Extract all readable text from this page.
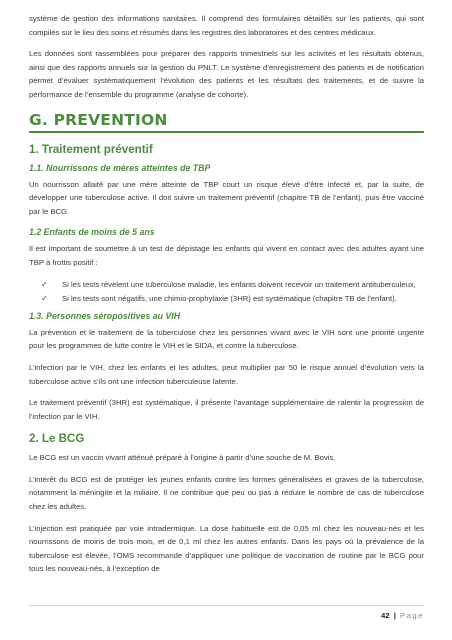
système de gestion des informations sanitaires. Il comprend des formulaires détaillés sur les patients, qui sont compilés sur le lieu des soins et résumés dans les registres des laboratoires et des centres médicaux.

Les données sont rassemblées pour préparer des rapports trimestriels sur les activités et les résultats obtenus, ainsi que des rapports annuels sur la gestion du PNLT. Le système d’enregistrement des patients et de notification permet d’évaluer systématiquement l’évolution des patients et les résultats des traitements, et de suivre la performance de l’ensemble du programme (analyse de cohorte).

G. PREVENTION
1. Traitement préventif
1.1. Nourrissons de mères atteintes de TBP

Un nourrisson allaité par une mère atteinte de TBP court un risque élevé d’être infecté et, par la suite, de développer une tuberculose active. Il doit suivre un traitement préventif (chapitre TB de l’enfant), puis être vacciné par le BCG.

1.2 Enfants de moins de 5 ans

Il est important de soumettre à un test de dépistage les enfants qui vivent en contact avec des adultes ayant une TBP à frottis positif :

✓ Si les tests révèlent une tuberculose maladie, les enfants doivent recevoir un traitement antituberculeux,
✓ Si les tests sont négatifs, une chimio-prophylaxie (3HR) est systématique (chapitre TB de l’enfant).
1.3. Personnes séropositives au VIH

La prévention et le traitement de la tuberculose chez les personnes vivant avec le VIH sont une priorité urgente pour les programmes de lutte contre le VIH et le SIDA, et contre la tuberculose.

L’infection par le VIH, chez les enfants et les adultes, peut multiplier par 50 le risque annuel d’évolution vers la tuberculose active s’ils ont une infection tuberculeuse latente.

Le traitement préventif (3HR) est systématique, il présente l’avantage supplémentaire de ralentir la progression de l’infection par le VIH.

2. Le BCG

Le BCG est un vaccin vivant atténué préparé à l’origine à partir d’une souche de M. Bovis.

L’intérêt du BCG est de protéger les jeunes enfants contre les formes généralisées et graves de la tuberculose, notamment la méningite et la miliaire. Il ne contribue que peu ou pas à réduire le nombre de cas de tuberculose chez les adultes.

L’injection est pratiquée par voie intradermique. La dose habituelle est de 0,05 ml chez les nouveau-nés et les nourrissons de moins de trois mois, et de 0,1 ml chez les autres enfants. Dans les pays où la prévalence de la tuberculose est élevée, l’OMS recommande d’appliquer une politique de vaccination de routine par le BCG pour tous les nouveau-nés, à l’exception de

42 | Page
